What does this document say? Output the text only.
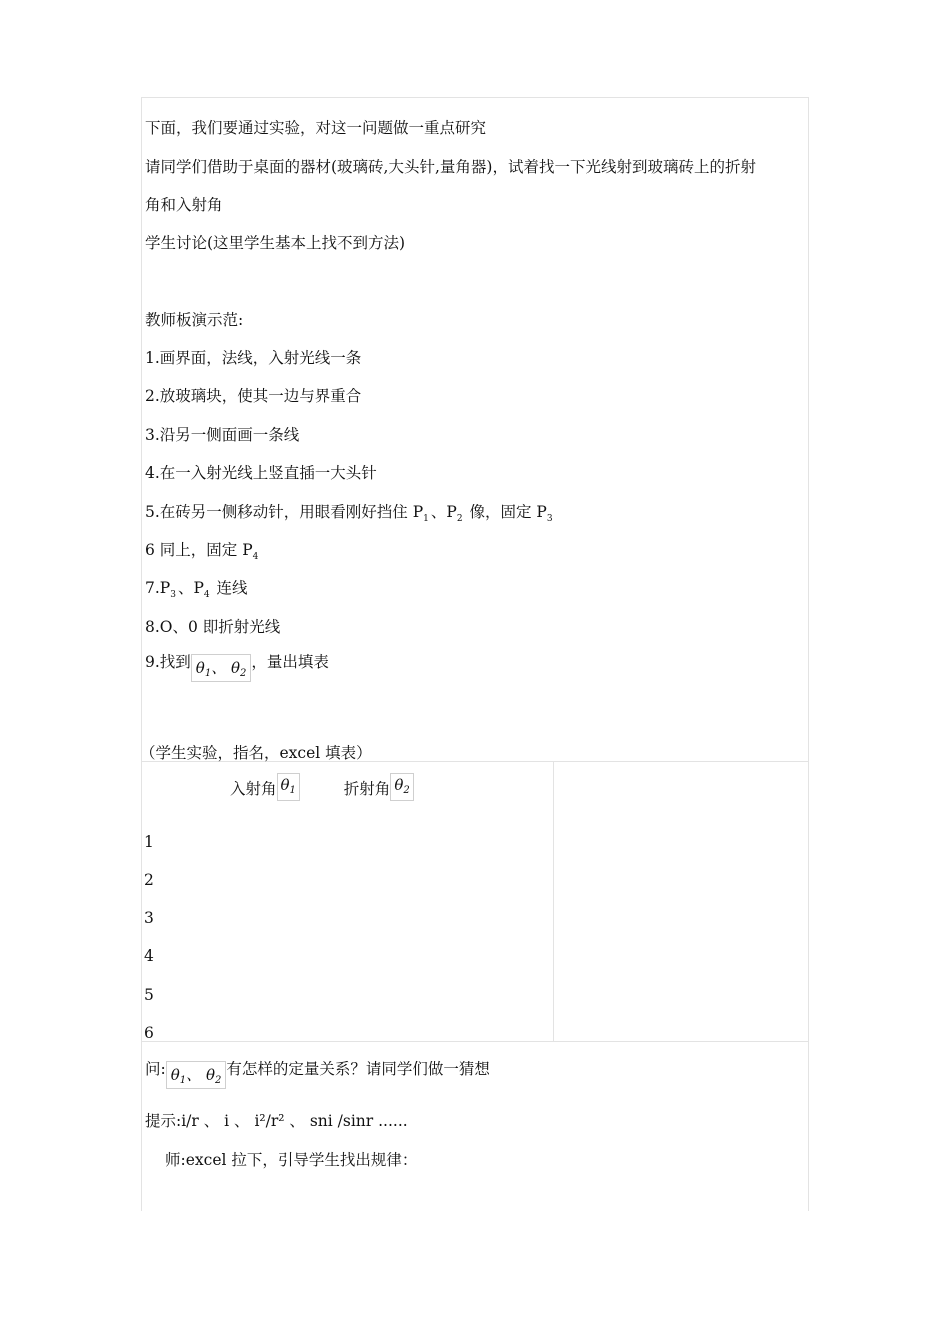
下面，我们要通过实验，对这一问题做一重点研究
请同学们借助于桌面的器材(玻璃砖,大头针,量角器)，试着找一下光线射到玻璃砖上的折射
角和入射角
学生讨论(这里学生基本上找不到方法)
教师板演示范:
1.画界面，法线，入射光线一条
2.放玻璃块，使其一边与界重合
3.沿另一侧面画一条线
4.在一入射光线上竖直插一大头针
5.在砖另一侧移动针，用眼看刚好挡住 $P_1$ 、$P_2$ 像，固定 $P_3$
6 同上，固定 $P_4$
$7.P_3$ 、$P_4$ 连线
8.O、0 即折射光线
9.找到 $\theta_1$、 $\theta_2$，量出填表
（学生实验，指名，excel 填表）
入射角 $\theta_1$	折射角 $\theta_2$
1
2
3
4
5
6
问: $\theta_1$、 $\theta_2$有怎样的定量关系？请同学们做一猜想
提示:i/r 、 i 、 i²/r² 、 sni /sinr ......
师:excel 拉下，引导学生找出规律：
